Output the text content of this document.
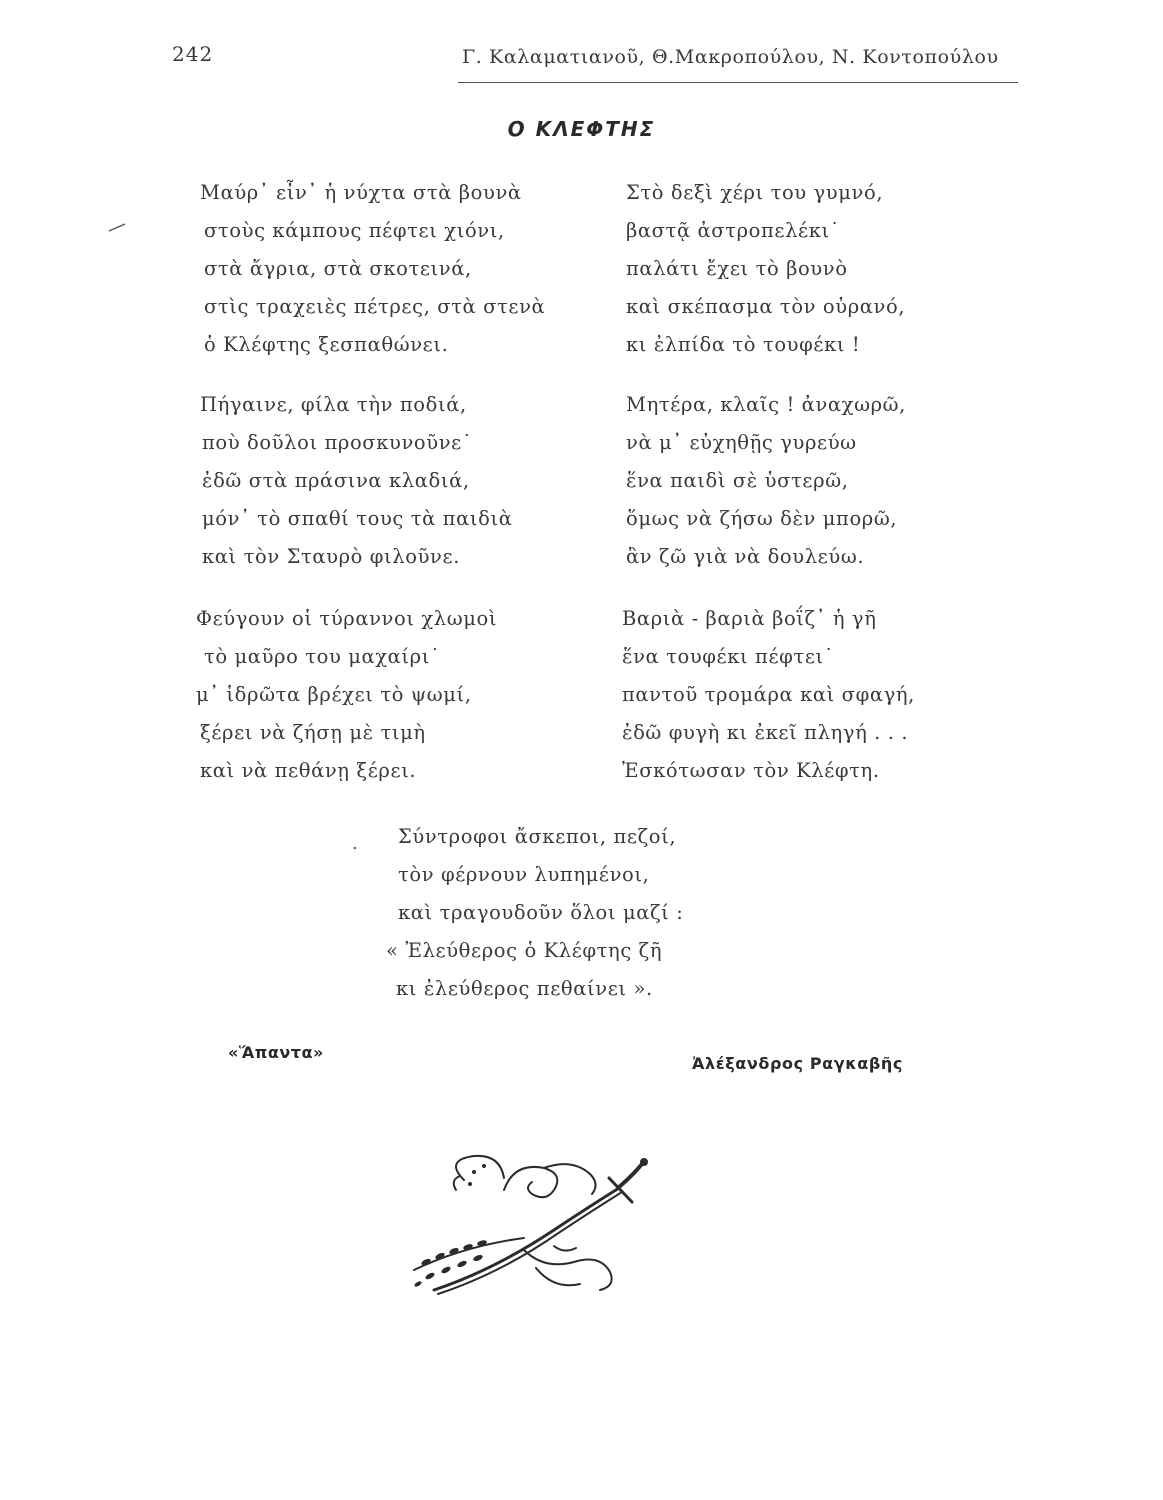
242	Γ. Καλαματιανοῦ, Θ.Μακροπούλου, Ν. Κοντοπούλου
Ο ΚΛΕΦΤΗΣ
Μαύρ᾿ εἶν᾿ ἡ νύχτα στὰ βουνὰ
στοὺς κάμπους πέφτει χιόνι,
στὰ ἄγρια, στὰ σκοτεινά,
στὶς τραχειὲς πέτρες, στὰ στενὰ
ὁ Κλέφτης ξεσπαθώνει.
Στὸ δεξὶ χέρι του γυμνό,
βαστᾷ ἀστροπελέκι˙
παλάτι ἔχει τὸ βουνὸ
καὶ σκέπασμα τὸν οὐρανό,
κι ἐλπίδα τὸ τουφέκι !
Πήγαινε, φίλα τὴν ποδιά,
ποὺ δοῦλοι προσκυνοῦνε˙
ἐδῶ στὰ πράσινα κλαδιά,
μόν᾿ τὸ σπαθί τους τὰ παιδιὰ
καὶ τὸν Σταυρὸ φιλοῦνε.
Μητέρα, κλαῖς ! ἀναχωρῶ,
νὰ μ᾿ εὐχηθῇς γυρεύω
ἕνα παιδὶ σὲ ὑστερῶ,
ὅμως νὰ ζήσω δὲν μπορῶ,
ἂν ζῶ γιὰ νὰ δουλεύω.
Φεύγουν οἱ τύραννοι χλωμοὶ
τὸ μαῦρο του μαχαίρι˙
μ᾿ ἱδρῶτα βρέχει τὸ ψωμί,
ξέρει νὰ ζήσῃ μὲ τιμὴ
καὶ νὰ πεθάνῃ ξέρει.
Βαριὰ - βαριὰ βοΐζ᾿ ἡ γῆ
ἕνα τουφέκι πέφτει˙
παντοῦ τρομάρα καὶ σφαγή,
ἐδῶ φυγὴ κι ἐκεῖ πληγή . . .
Ἐσκότωσαν τὸν Κλέφτη.
.	Σύντροφοι ἄσκεποι, πεζοί,
τὸν φέρνουν λυπημένοι,
καὶ τραγουδοῦν ὅλοι μαζί :
« Ἐλεύθερος ὁ Κλέφτης ζῆ
κι ἐλεύθερος πεθαίνει ».
«Ἅπαντα»
Ἀλέξανδρος Ραγκαβῆς
